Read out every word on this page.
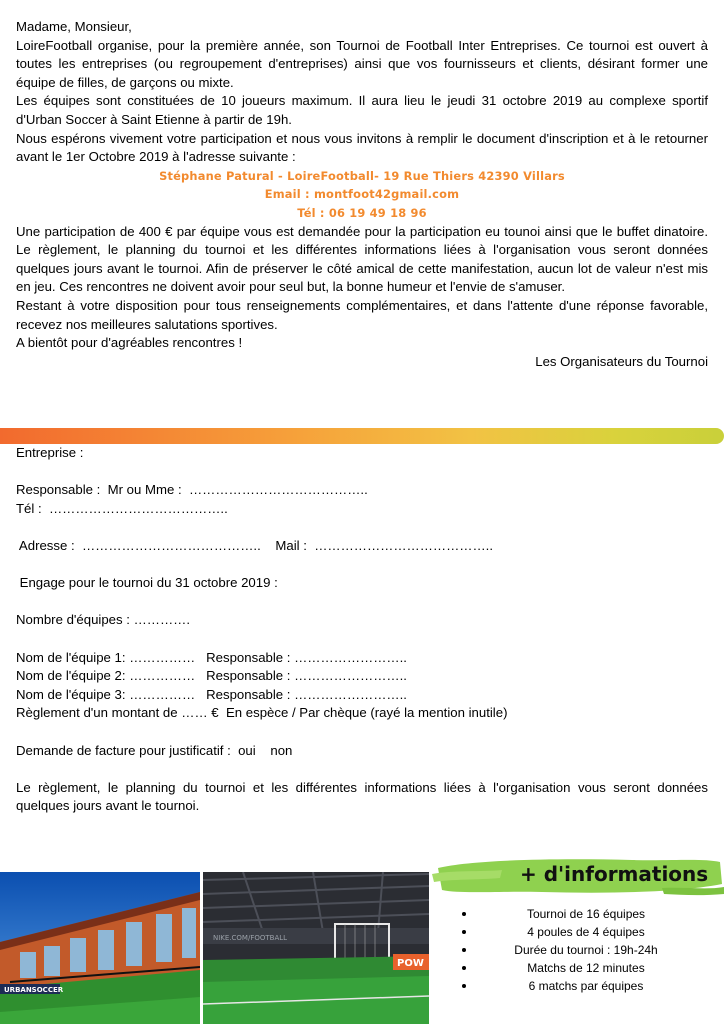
Madame, Monsieur,

LoireFootball organise, pour la première année, son Tournoi de Football Inter Entreprises. Ce tournoi est ouvert à toutes les entreprises (ou regroupement d'entreprises) ainsi que vos fournisseurs et clients, désirant former une équipe de filles, de garçons ou mixte.

Les équipes sont constituées de 10 joueurs maximum. Il aura lieu le jeudi 31 octobre 2019 au complexe sportif d'Urban Soccer à Saint Etienne à partir de 19h.

Nous espérons vivement votre participation et nous vous invitons à remplir le document d'inscription et à le retourner avant le 1er Octobre 2019 à l'adresse suivante :

Stéphane Patural - LoireFootball- 19 Rue Thiers 42390 Villars

Email : montfoot42gmail.com

Tél : 06 19 49 18 96

Une participation de 400 € par équipe vous est demandée pour la participation eu tounoi ainsi que le buffet dinatoire. Le règlement, le planning du tournoi et les différentes informations liées à l'organisation vous seront données quelques jours avant le tournoi. Afin de préserver le côté amical de cette manifestation, aucun lot de valeur n'est mis en jeu. Ces rencontres ne doivent avoir pour seul but, la bonne humeur et l'envie de s'amuser.

Restant à votre disposition pour tous renseignements complémentaires, et dans l'attente d'une réponse favorable, recevez nos meilleures salutations sportives.

A bientôt pour d'agréables rencontres !

Les Organisateurs du Tournoi

Entreprise :

Responsable :  Mr ou Mme :  …………………………………..

Tél :  …………………………………..

Adresse :  …………………………………..    Mail :  …………………………………..

Engage pour le tournoi du 31 octobre 2019 :

Nombre d'équipes : ………….

Nom de l'équipe 1: ……………   Responsable : ……………………..

Nom de l'équipe 2: ……………   Responsable : ……………………..

Nom de l'équipe 3: ……………   Responsable : ……………………..

Règlement d'un montant de …… €  En espèce / Par chèque (rayé la mention inutile)

Demande de facture pour justificatif :  oui    non

Le règlement, le planning du tournoi et les différentes informations liées à l'organisation vous seront données quelques jours avant le tournoi.

URBANSOCCER
NIKE.COM/FOOTBALL
POW
+ d'informations
Tournoi de 16 équipes
4 poules de 4 équipes
Durée du tournoi : 19h-24h
Matchs de 12 minutes
6 matchs par équipes
